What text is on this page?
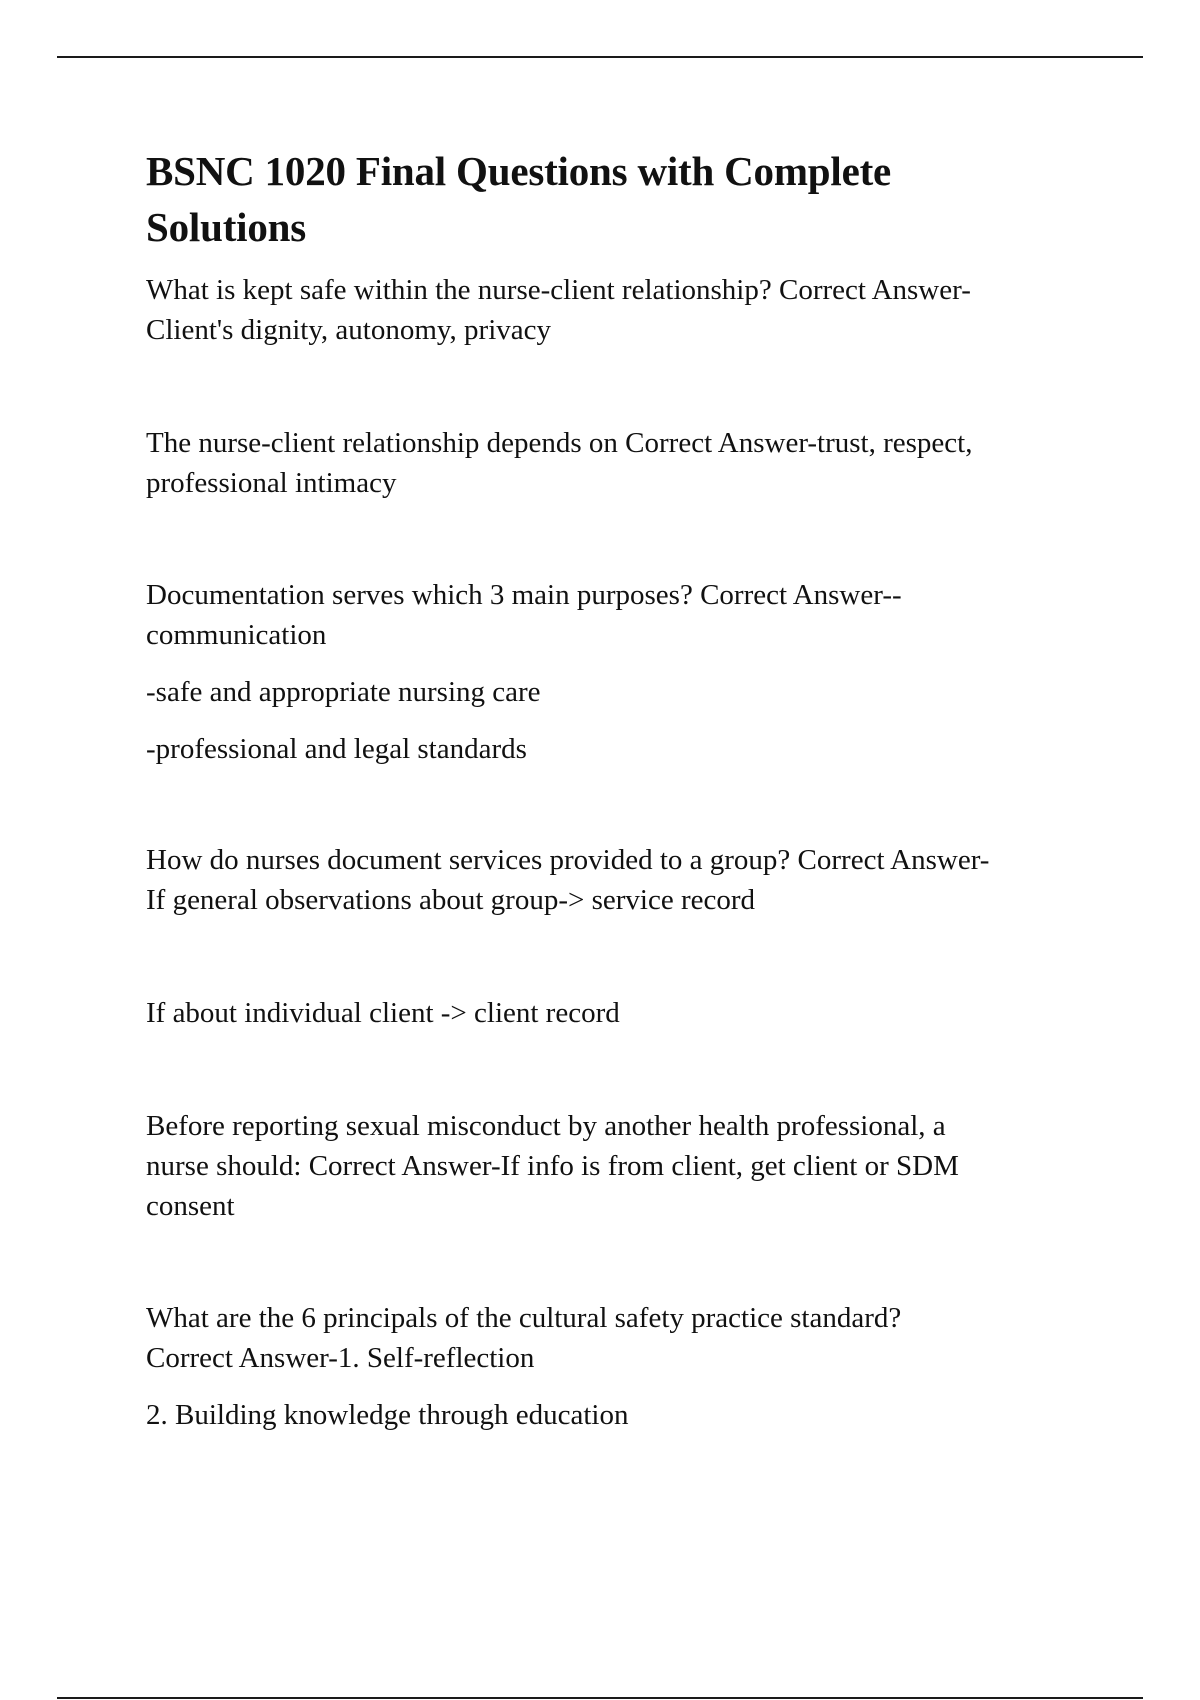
BSNC 1020 Final Questions with Complete
Solutions

What is kept safe within the nurse-client relationship? Correct Answer-
Client's dignity, autonomy, privacy

The nurse-client relationship depends on Correct Answer-trust, respect,
professional intimacy

Documentation serves which 3 main purposes? Correct Answer--
communication

-safe and appropriate nursing care

-professional and legal standards

How do nurses document services provided to a group? Correct Answer-
If general observations about group-> service record

If about individual client -> client record

Before reporting sexual misconduct by another health professional, a
nurse should: Correct Answer-If info is from client, get client or SDM
consent

What are the 6 principals of the cultural safety practice standard?
Correct Answer-1. Self-reflection

2. Building knowledge through education
